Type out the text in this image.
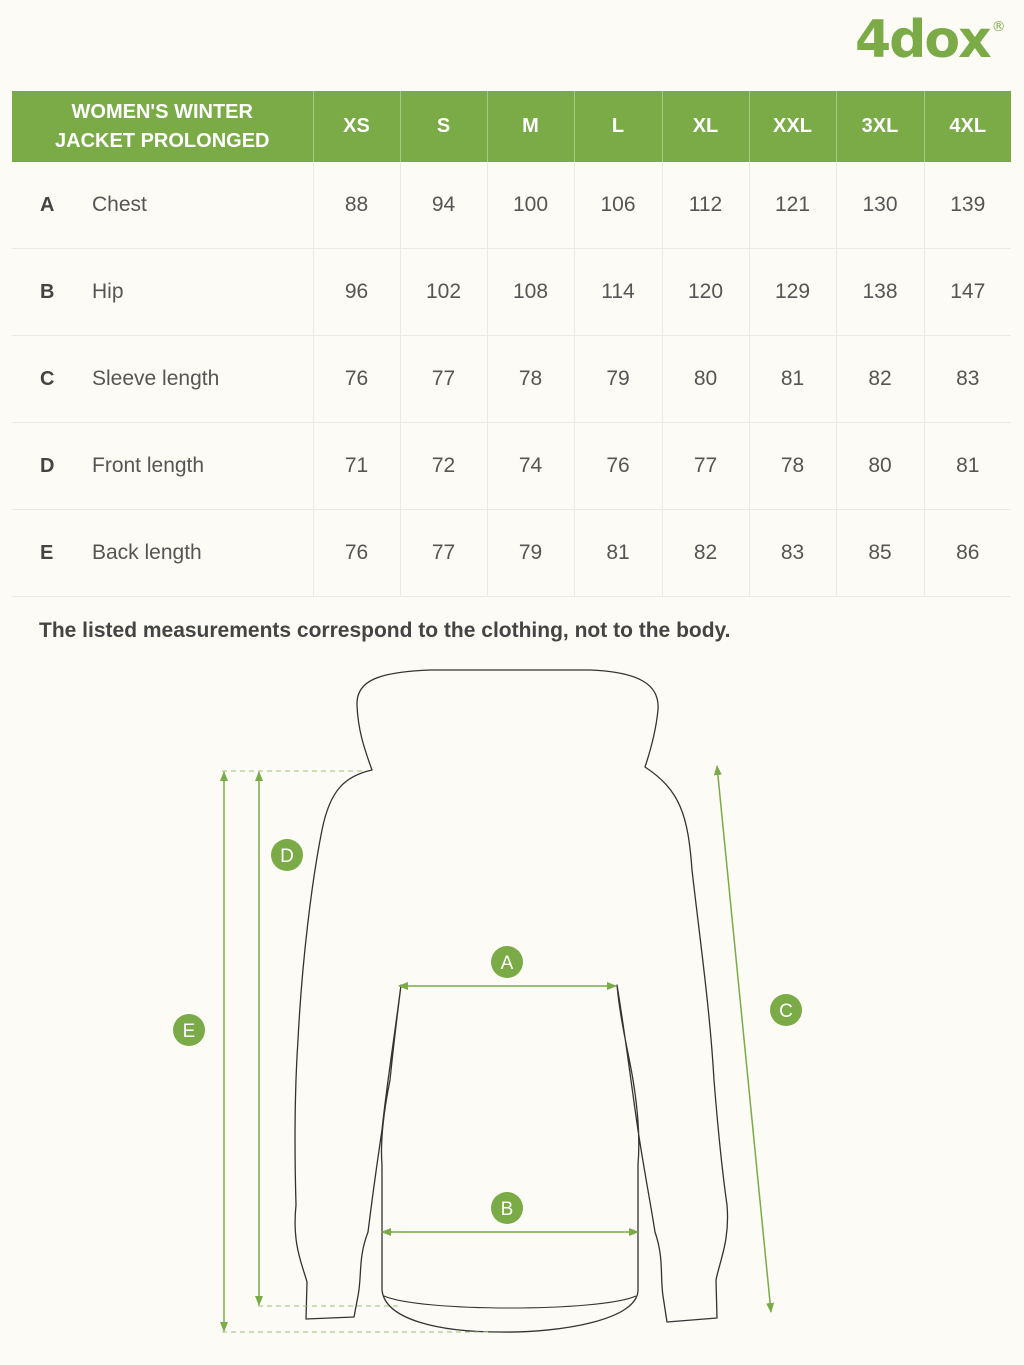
4dox ®
WOMEN'S WINTER
JACKET PROLONGED	XS	S	M	L	XL	XXL	3XL	4XL
A Chest	88	94	100	106	112	121	130	139
B Hip	96	102	108	114	120	129	138	147
C Sleeve length	76	77	78	79	80	81	82	83
D Front length	71	72	74	76	77	78	80	81
E Back length	76	77	79	81	82	83	85	86
The listed measurements correspond to the clothing, not to the body.
A
B
C
D
E
